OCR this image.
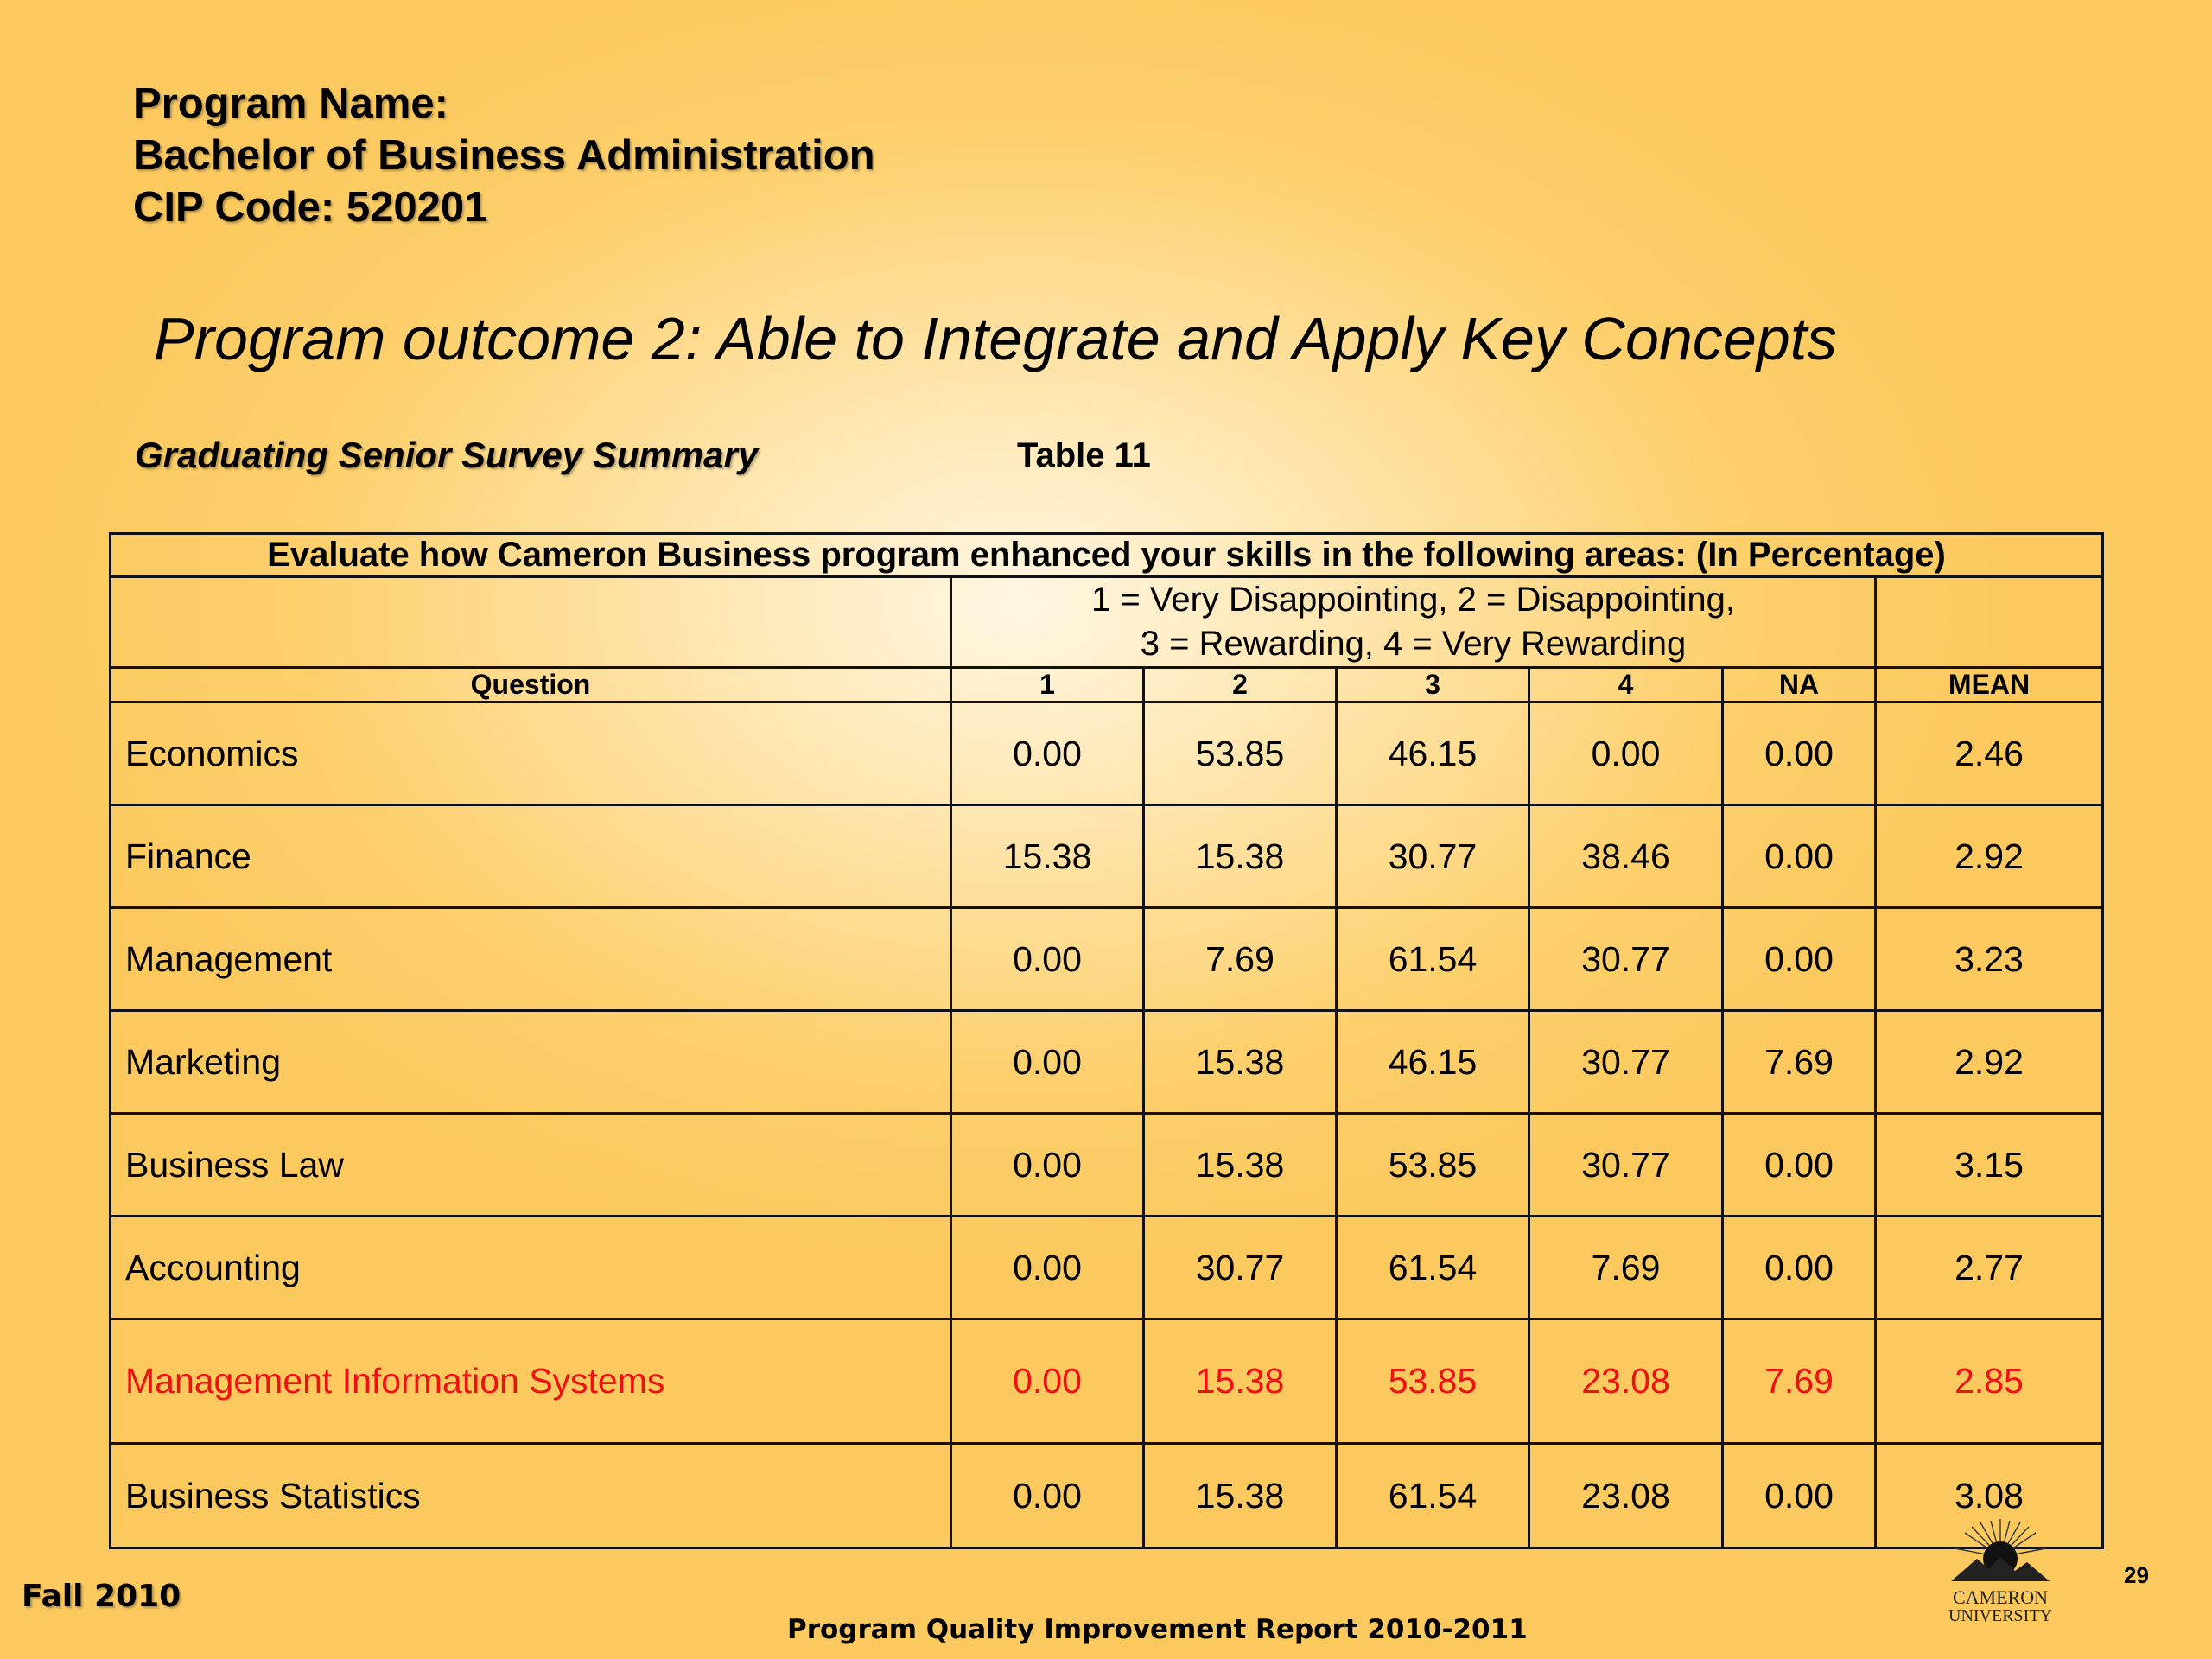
Program Name:
Bachelor of Business Administration
CIP Code: 520201
Program outcome 2: Able to Integrate and Apply Key Concepts
Graduating Senior Survey Summary	Table 11
Evaluate how Cameron Business program enhanced your skills in the following areas: (In Percentage)						

	1 = Very Disappointing, 2 = Disappointing,
3 = Rewarding, 4 = Very Rewarding					

Question	1	2	3	4	NA	MEAN
Economics	0.00	53.85	46.15	0.00	0.00	2.46
Finance	15.38	15.38	30.77	38.46	0.00	2.92
Management	0.00	7.69	61.54	30.77	0.00	3.23
Marketing	0.00	15.38	46.15	30.77	7.69	2.92
Business Law	0.00	15.38	53.85	30.77	0.00	3.15
Accounting	0.00	30.77	61.54	7.69	0.00	2.77
Management Information Systems	0.00	15.38	53.85	23.08	7.69	2.85
Business Statistics	0.00	15.38	61.54	23.08	0.00	3.08
Fall 2010
Program Quality Improvement Report 2010-2011
29
CAMERON
UNIVERSITY
